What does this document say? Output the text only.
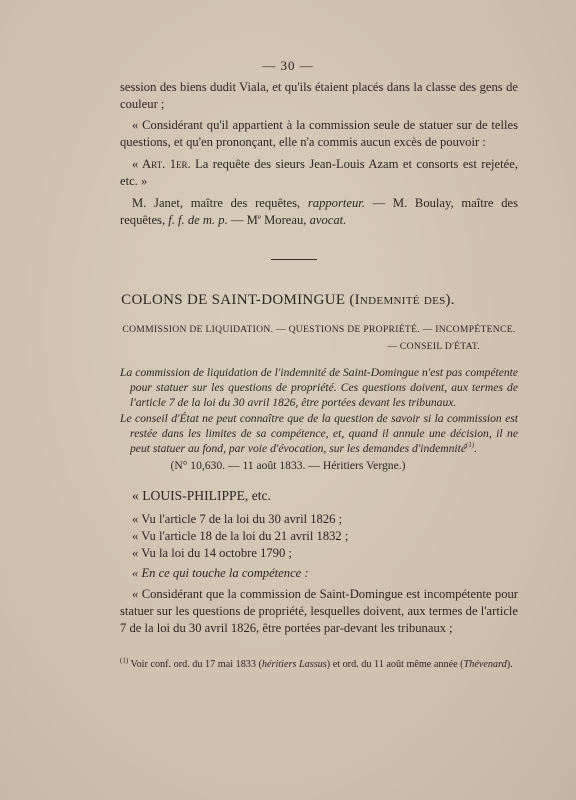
— 30 —

session des biens dudit Viala, et qu'ils étaient placés dans la classe des gens de couleur ;

« Considérant qu'il appartient à la commission seule de statuer sur de telles questions, et qu'en prononçant, elle n'a commis aucun excès de pouvoir :

« Art. 1er. La requête des sieurs Jean-Louis Azam et consorts est rejetée, etc. »

M. Janet, maître des requêtes, rapporteur. — M. Boulay, maître des requêtes, f. f. de m. p. — Me Moreau, avocat.

COLONS DE SAINT-DOMINGUE (Indemnité des).
COMMISSION DE LIQUIDATION. — QUESTIONS DE PROPRIÉTÉ. — INCOMPÉTENCE.
— CONSEIL D'ÉTAT.

La commission de liquidation de l'indemnité de Saint-Domingue n'est pas compétente pour statuer sur les questions de propriété. Ces questions doivent, aux termes de l'article 7 de la loi du 30 avril 1826, être portées devant les tribunaux.

Le conseil d'État ne peut connaître que de la question de savoir si la commission est restée dans les limites de sa compétence, et, quand il annule une décision, il ne peut statuer au fond, par voie d'évocation, sur les demandes d'indemnité$^{(1)}$.

(N° 10,630. — 11 août 1833. — Héritiers Vergne.)

« LOUIS-PHILIPPE, etc.

« Vu l'article 7 de la loi du 30 avril 1826 ;

« Vu l'article 18 de la loi du 21 avril 1832 ;

« Vu la loi du 14 octobre 1790 ;

« En ce qui touche la compétence :

« Considérant que la commission de Saint-Domingue est incompétente pour statuer sur les questions de propriété, lesquelles doivent, aux termes de l'article 7 de la loi du 30 avril 1826, être portées par-devant les tribunaux ;

$^{(1)}$ Voir conf. ord. du 17 mai 1833 (héritiers Lassus) et ord. du 11 août même année (Thévenard).
